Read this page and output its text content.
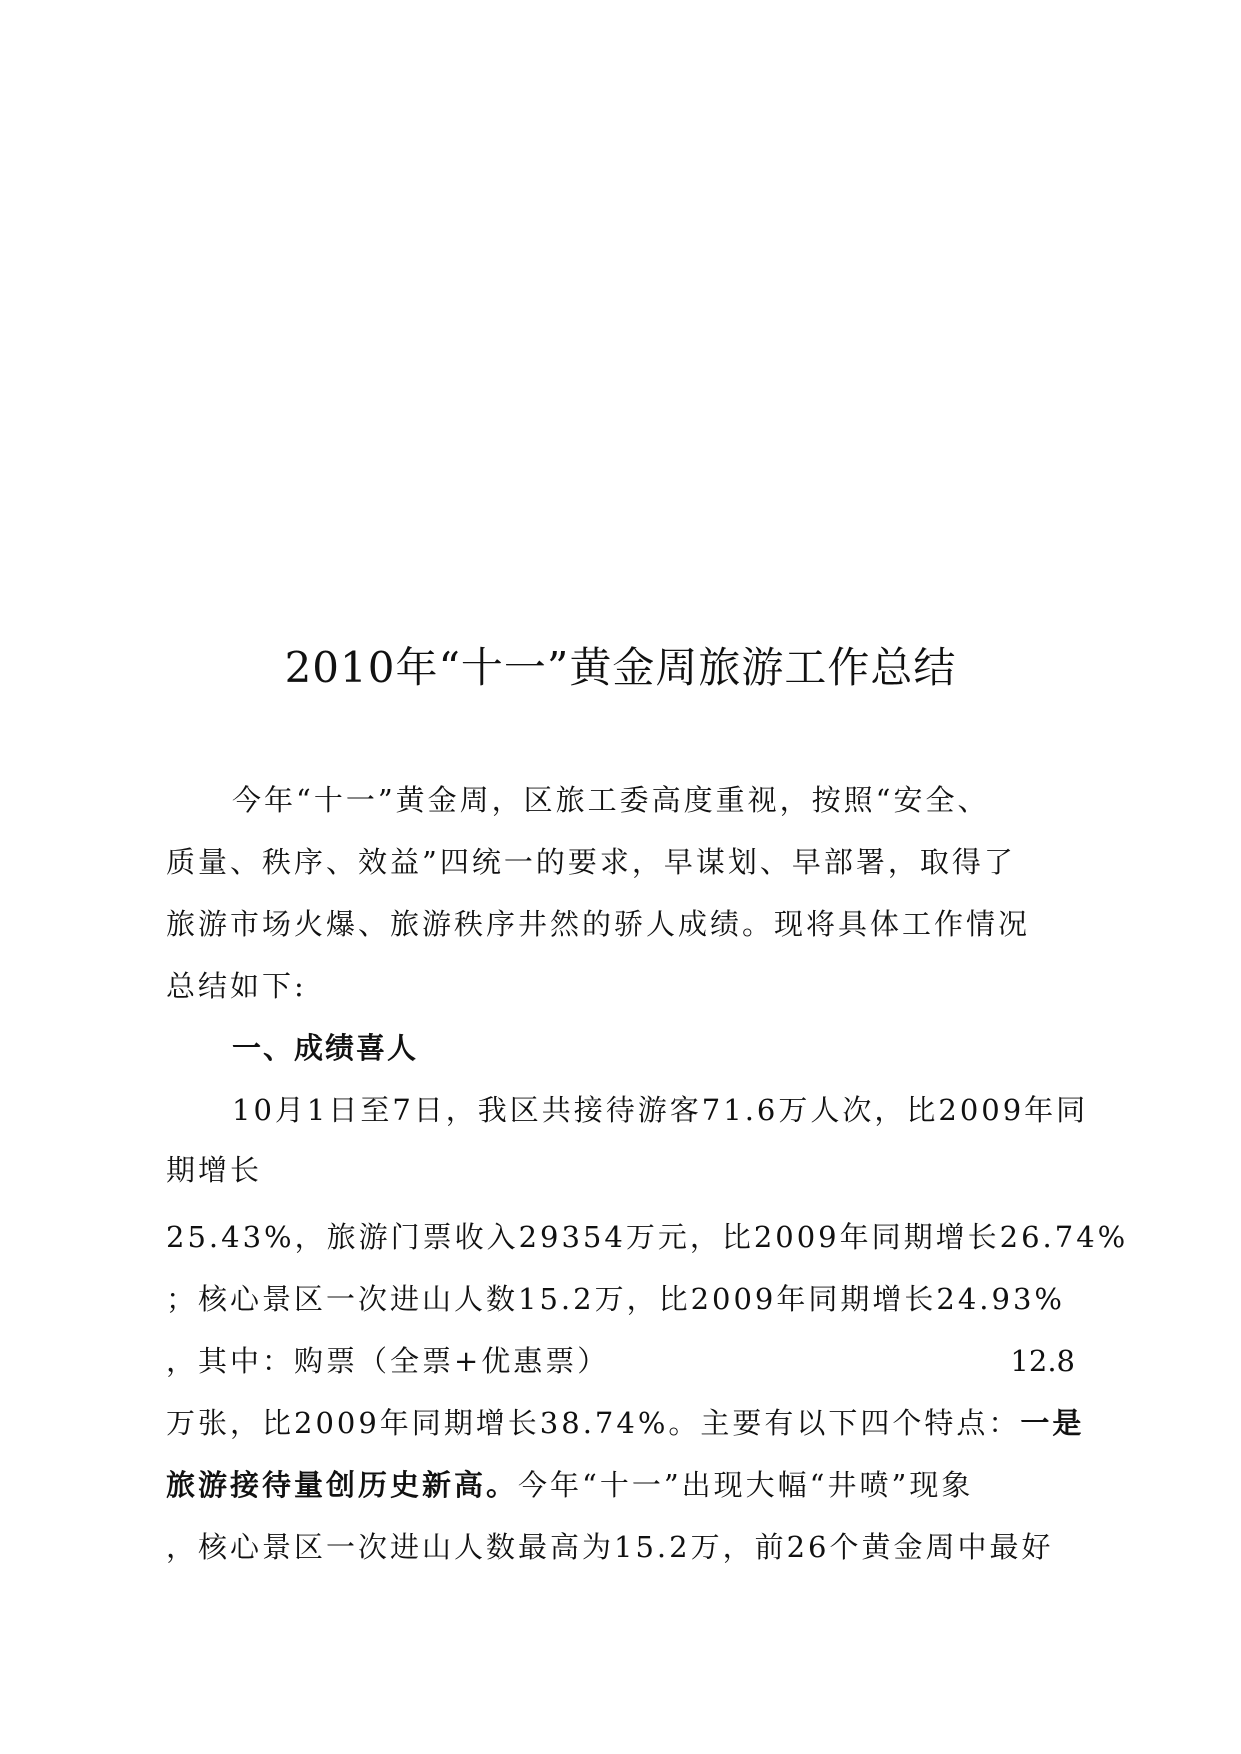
2010年“十一”黄金周旅游工作总结
今年“十一”黄金周，区旅工委高度重视，按照“安全、
质量、秩序、效益”四统一的要求，早谋划、早部署，取得了
旅游市场火爆、旅游秩序井然的骄人成绩。现将具体工作情况
总结如下:
一、成绩喜人
10月1日至7日，我区共接待游客71.6万人次，比2009年同
期增长
25.43%，旅游门票收入29354万元，比2009年同期增长26.74%
；核心景区一次进山人数15.2万，比2009年同期增长24.93%
，其中：购票（全票+优惠票）	12.8
万张，比2009年同期增长38.74%。主要有以下四个特点：一是
旅游接待量创历史新高。今年“十一”出现大幅“井喷”现象
，核心景区一次进山人数最高为15.2万，前26个黄金周中最好
